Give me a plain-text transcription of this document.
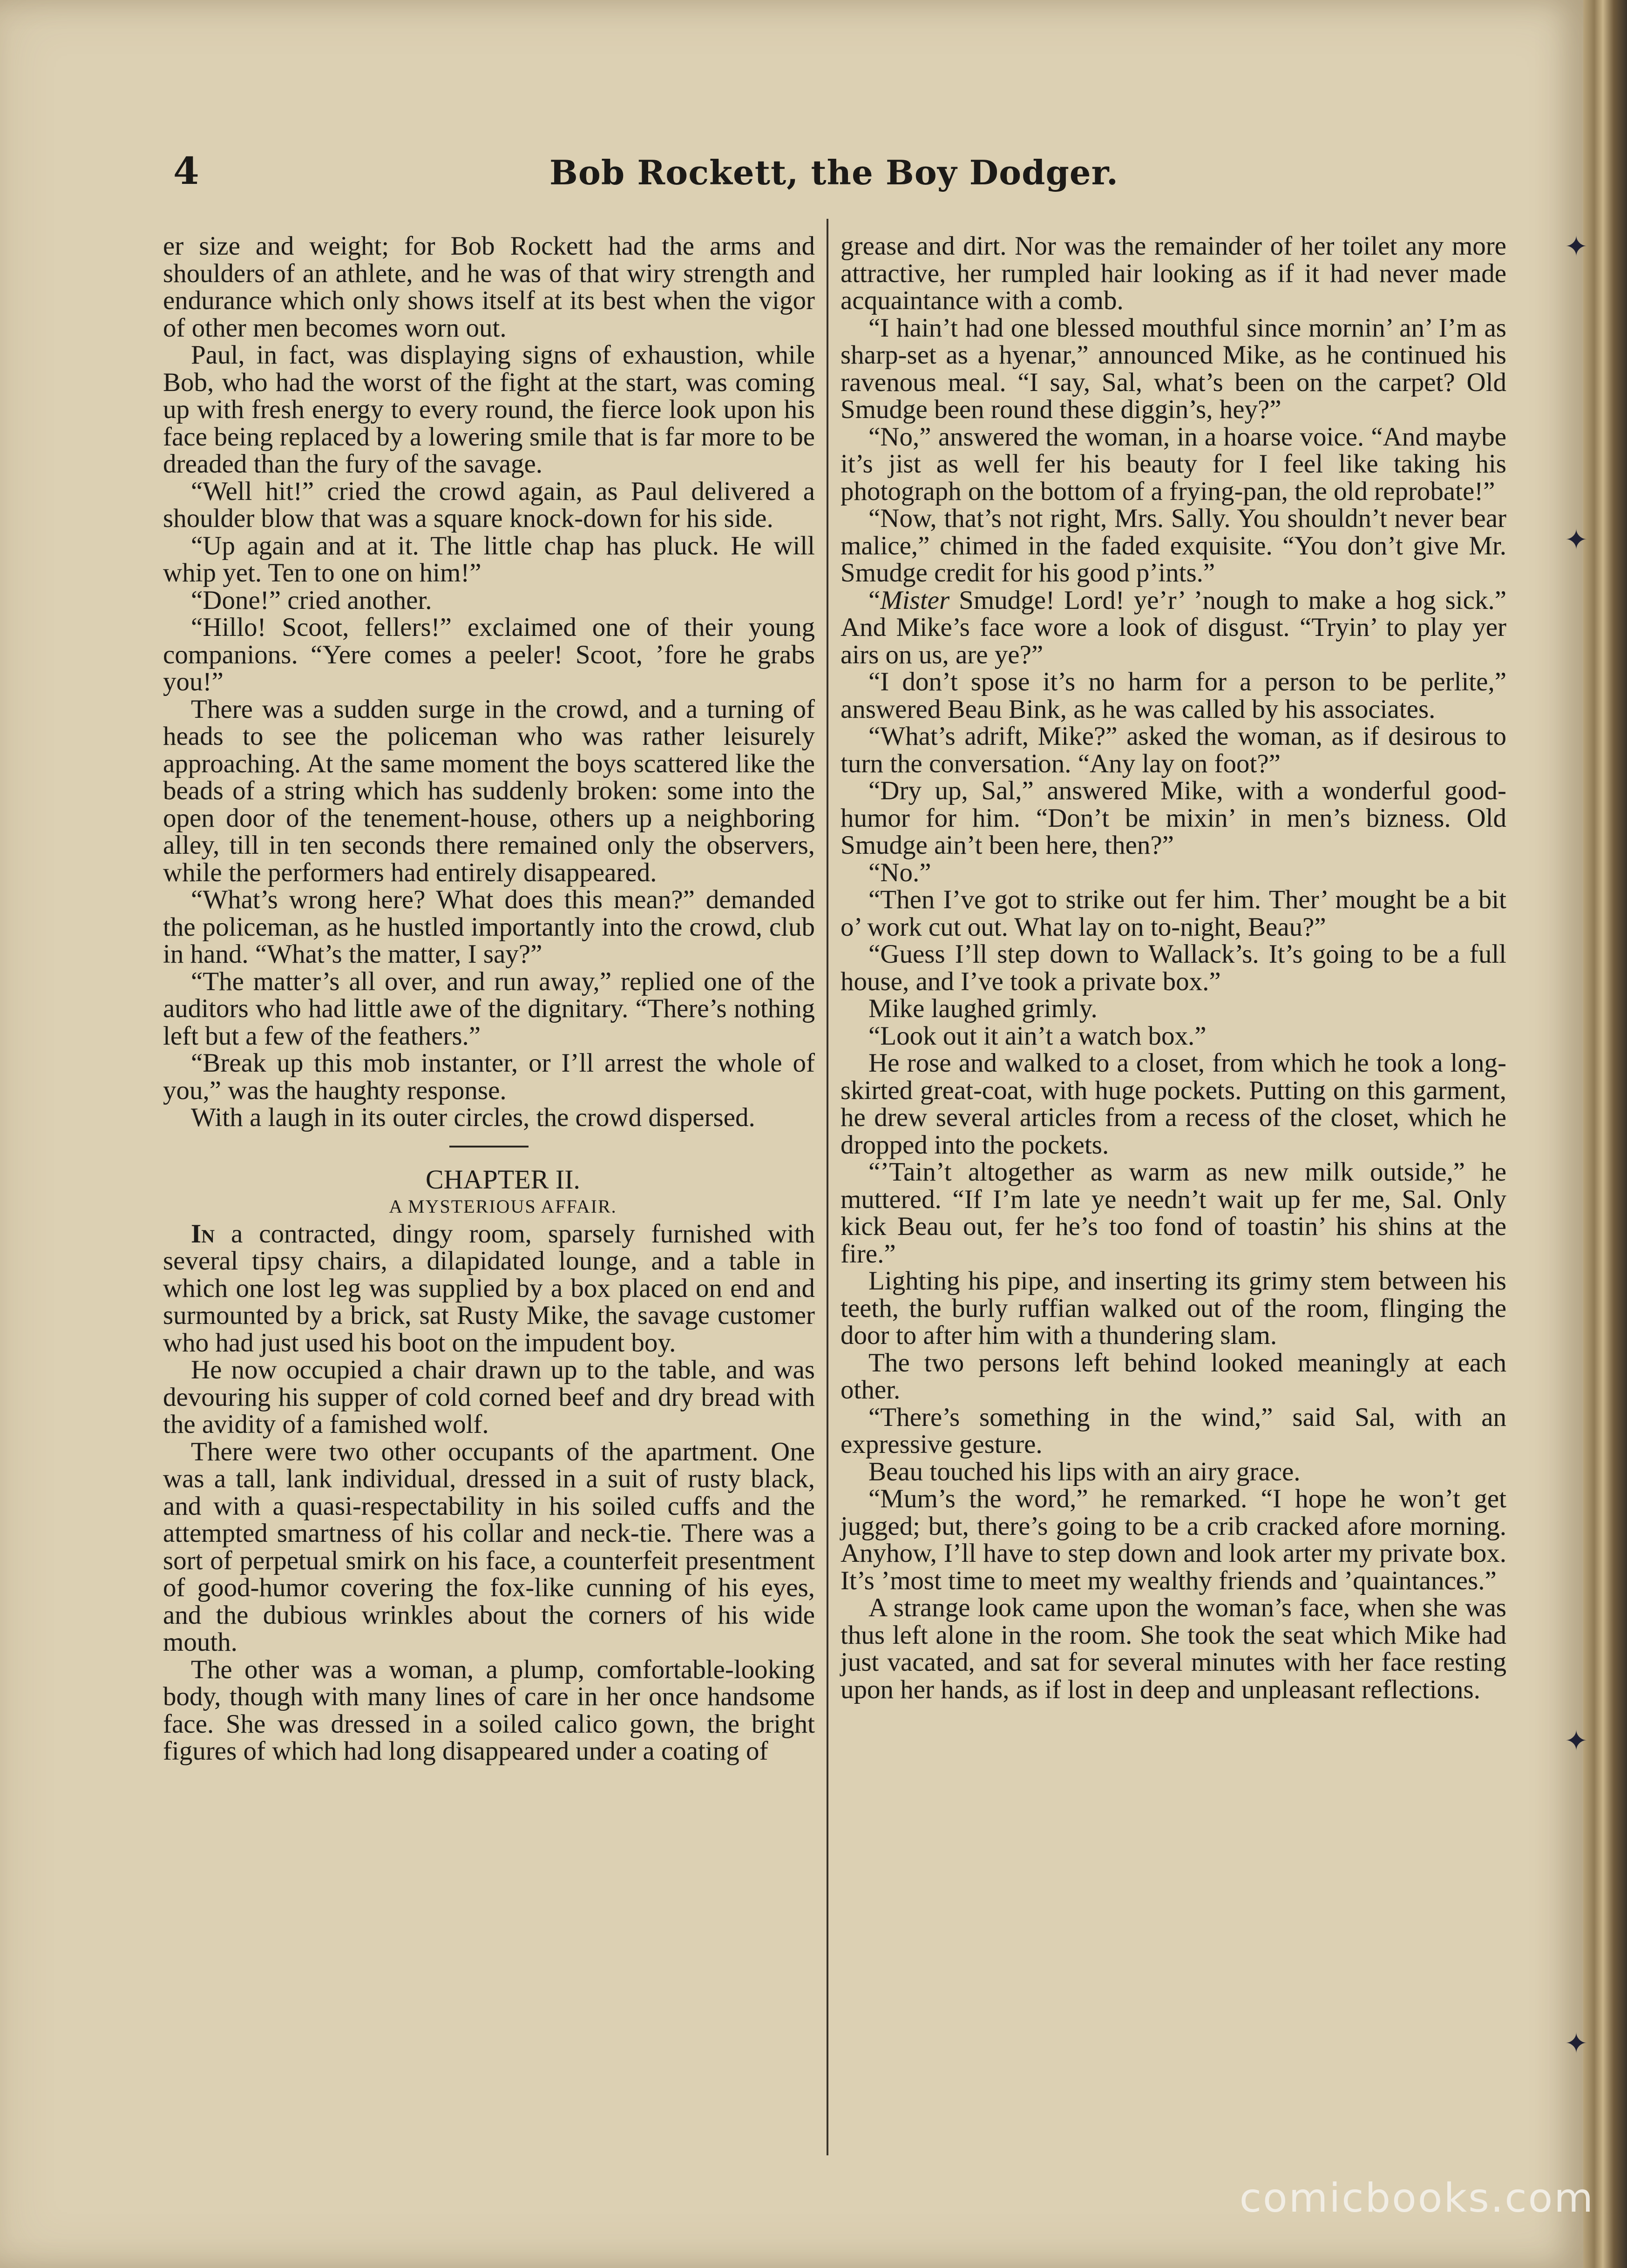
4	Bob Rockett, the Boy Dodger.

er size and weight; for Bob Rockett had the arms and shoulders of an athlete, and he was of that wiry strength and endurance which only shows itself at its best when the vigor of other men becomes worn out.

Paul, in fact, was displaying signs of exhaustion, while Bob, who had the worst of the fight at the start, was coming up with fresh energy to every round, the fierce look upon his face being replaced by a lowering smile that is far more to be dreaded than the fury of the savage.

“Well hit!” cried the crowd again, as Paul delivered a shoulder blow that was a square knock-down for his side.

“Up again and at it. The little chap has pluck. He will whip yet. Ten to one on him!”

“Done!” cried another.

“Hillo! Scoot, fellers!” exclaimed one of their young companions. “Yere comes a peeler! Scoot, ’fore he grabs you!”

There was a sudden surge in the crowd, and a turning of heads to see the policeman who was rather leisurely approaching. At the same moment the boys scattered like the beads of a string which has suddenly broken: some into the open door of the tenement-house, others up a neighboring alley, till in ten seconds there remained only the observers, while the performers had entirely disappeared.

“What’s wrong here? What does this mean?” demanded the policeman, as he hustled importantly into the crowd, club in hand. “What’s the matter, I say?”

“The matter’s all over, and run away,” replied one of the auditors who had little awe of the dignitary. “There’s nothing left but a few of the feathers.”

“Break up this mob instanter, or I’ll arrest the whole of you,” was the haughty response.

With a laugh in its outer circles, the crowd dispersed.

CHAPTER II.

A MYSTERIOUS AFFAIR.

In a contracted, dingy room, sparsely furnished with several tipsy chairs, a dilapidated lounge, and a table in which one lost leg was supplied by a box placed on end and surmounted by a brick, sat Rusty Mike, the savage customer who had just used his boot on the impudent boy.

He now occupied a chair drawn up to the table, and was devouring his supper of cold corned beef and dry bread with the avidity of a famished wolf.

There were two other occupants of the apartment. One was a tall, lank individual, dressed in a suit of rusty black, and with a quasi-respectability in his soiled cuffs and the attempted smartness of his collar and neck-tie. There was a sort of perpetual smirk on his face, a counterfeit presentment of good-humor covering the fox-like cunning of his eyes, and the dubious wrinkles about the corners of his wide mouth.

The other was a woman, a plump, comfortable-looking body, though with many lines of care in her once handsome face. She was dressed in a soiled calico gown, the bright figures of which had long disappeared under a coating of

grease and dirt. Nor was the remainder of her toilet any more attractive, her rumpled hair looking as if it had never made acquaintance with a comb.

“I hain’t had one blessed mouthful since mornin’ an’ I’m as sharp-set as a hyenar,” announced Mike, as he continued his ravenous meal. “I say, Sal, what’s been on the carpet? Old Smudge been round these diggin’s, hey?”

“No,” answered the woman, in a hoarse voice. “And maybe it’s jist as well fer his beauty for I feel like taking his photograph on the bottom of a frying-pan, the old reprobate!”

“Now, that’s not right, Mrs. Sally. You shouldn’t never bear malice,” chimed in the faded exquisite. “You don’t give Mr. Smudge credit for his good p’ints.”

“Mister Smudge! Lord! ye’r’ ’nough to make a hog sick.” And Mike’s face wore a look of disgust. “Tryin’ to play yer airs on us, are ye?”

“I don’t spose it’s no harm for a person to be perlite,” answered Beau Bink, as he was called by his associates.

“What’s adrift, Mike?” asked the woman, as if desirous to turn the conversation. “Any lay on foot?”

“Dry up, Sal,” answered Mike, with a wonderful good-humor for him. “Don’t be mixin’ in men’s bizness. Old Smudge ain’t been here, then?”

“No.”

“Then I’ve got to strike out fer him. Ther’ mought be a bit o’ work cut out. What lay on to-night, Beau?”

“Guess I’ll step down to Wallack’s. It’s going to be a full house, and I’ve took a private box.”

Mike laughed grimly.

“Look out it ain’t a watch box.”

He rose and walked to a closet, from which he took a long-skirted great-coat, with huge pockets. Putting on this garment, he drew several articles from a recess of the closet, which he dropped into the pockets.

“’Tain’t altogether as warm as new milk outside,” he muttered. “If I’m late ye needn’t wait up fer me, Sal. Only kick Beau out, fer he’s too fond of toastin’ his shins at the fire.”

Lighting his pipe, and inserting its grimy stem between his teeth, the burly ruffian walked out of the room, flinging the door to after him with a thundering slam.

The two persons left behind looked meaningly at each other.

“There’s something in the wind,” said Sal, with an expressive gesture.

Beau touched his lips with an airy grace.

“Mum’s the word,” he remarked. “I hope he won’t get jugged; but, there’s going to be a crib cracked afore morning. Anyhow, I’ll have to step down and look arter my private box. It’s ’most time to meet my wealthy friends and ’quaintances.”

A strange look came upon the woman’s face, when she was thus left alone in the room. She took the seat which Mike had just vacated, and sat for several minutes with her face resting upon her hands, as if lost in deep and unpleasant reflections.

✦
✦
✦
✦
comicbooks.com
